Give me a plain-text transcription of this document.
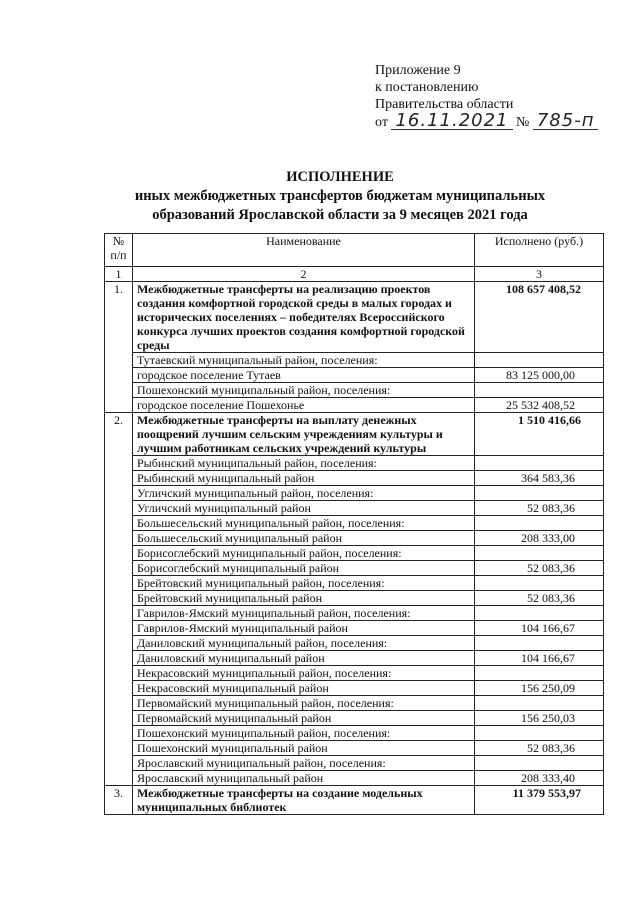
Приложение 9
к постановлению
Правительства области
от 16.11.2021 № 785-п
ИСПОЛНЕНИЕ
иных межбюджетных трансфертов бюджетам муниципальных
образований Ярославской области за 9 месяцев 2021 года
№ п/п	Наименование	Исполнено (руб.)
1	2	3
1.	Межбюджетные трансферты на реализацию проектов создания комфортной городской среды в малых городах и исторических поселениях – победителях Всероссийского конкурса лучших проектов создания комфортной городской среды	108 657 408,52
	Тутаевский муниципальный район, поселения:	
	городское поселение Тутаев	83 125 000,00
	Пошехонский муниципальный район, поселения:	
	городское поселение Пошехонье	25 532 408,52
2.	Межбюджетные трансферты на выплату денежных поощрений лучшим сельским учреждениям культуры и лучшим работникам сельских учреждений культуры	1 510 416,66
	Рыбинский муниципальный район, поселения:	
	Рыбинский муниципальный район	364 583,36
	Угличский муниципальный район, поселения:	
	Угличский муниципальный район	52 083,36
	Большесельский муниципальный район, поселения:	
	Большесельский муниципальный район	208 333,00
	Борисоглебский муниципальный район, поселения:	
	Борисоглебский муниципальный район	52 083,36
	Брейтовский муниципальный район, поселения:	
	Брейтовский муниципальный район	52 083,36
	Гаврилов-Ямский муниципальный район, поселения:	
	Гаврилов-Ямский муниципальный район	104 166,67
	Даниловский муниципальный район, поселения:	
	Даниловский муниципальный район	104 166,67
	Некрасовский муниципальный район, поселения:	
	Некрасовский муниципальный район	156 250,09
	Первомайский муниципальный район, поселения:	
	Первомайский муниципальный район	156 250,03
	Пошехонский муниципальный район, поселения:	
	Пошехонский муниципальный район	52 083,36
	Ярославский муниципальный район, поселения:	
	Ярославский муниципальный район	208 333,40
3.	Межбюджетные трансферты на создание модельных муниципальных библиотек	11 379 553,97
